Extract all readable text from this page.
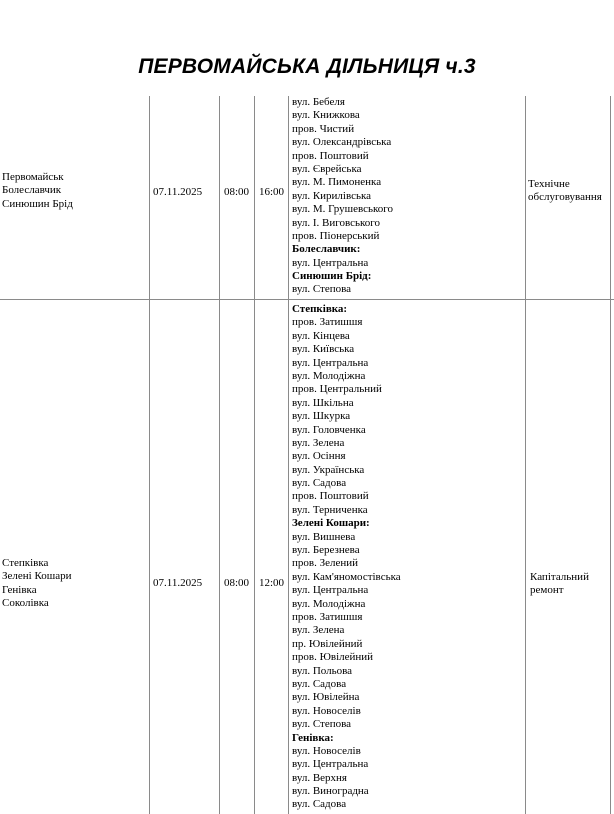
ПЕРВОМАЙСЬКА ДІЛЬНИЦЯ ч.3
Первомайськ
Болеславчик
Синюшин Брід
07.11.2025 08:00 16:00
вул. Бебеля
вул. Книжкова
пров. Чистий
вул. Олександрівська
пров. Поштовий
вул. Єврейська
вул. М. Пимоненка
вул. Кирилівська
вул. М. Грушевського
вул. І. Виговського
пров. Піонерський
Болеславчик:
вул. Центральна
Синюшин Брід:
вул. Степова
Технічне
обслуговування
Степківка
Зелені Кошари
Генівка
Соколівка
07.11.2025 08:00 12:00
Степківка:
пров. Затишшя
вул. Кінцева
вул. Київська
вул. Центральна
вул. Молодіжна
пров. Центральний
вул. Шкільна
вул. Шкурка
вул. Головченка
вул. Зелена
вул. Осіння
вул. Українська
вул. Садова
пров. Поштовий
вул. Терниченка
Зелені Кошари:
вул. Вишнева
вул. Березнева
пров. Зелений
вул. Кам'яномостівська
вул. Центральна
вул. Молодіжна
пров. Затишшя
вул. Зелена
пр. Ювілейний
пров. Ювілейний
вул. Польова
вул. Садова
вул. Ювілейна
вул. Новоселів
вул. Степова
Генівка:
вул. Новоселів
вул. Центральна
вул. Верхня
вул. Виноградна
вул. Садова
Капітальний
ремонт
